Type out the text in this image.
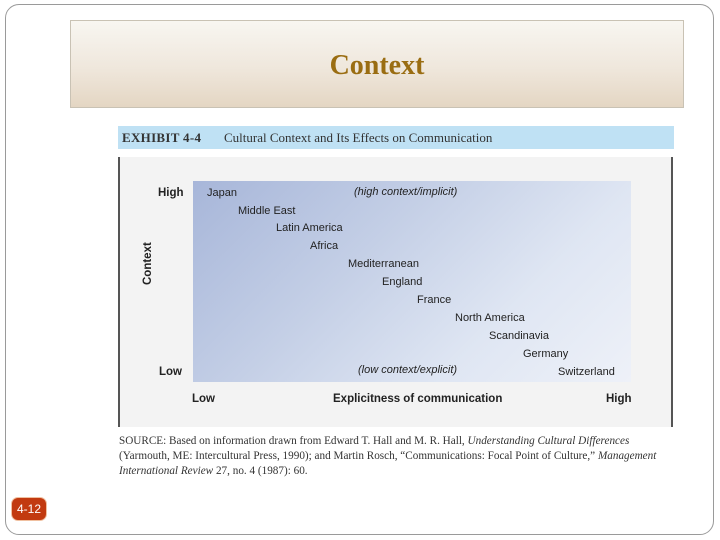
Context
EXHIBIT 4-4 Cultural Context and Its Effects on Communication
High
Low
Context
Low	Explicitness of communication	High
(high context/implicit)
(low context/explicit)
Japan
Middle East
Latin America
Africa
Mediterranean
England
France
North America
Scandinavia
Germany
Switzerland
SOURCE: Based on information drawn from Edward T. Hall and M. R. Hall, Understanding Cultural Differences (Yarmouth, ME: Intercultural Press, 1990); and Martin Rosch, “Communications: Focal Point of Culture,” Management International Review 27, no. 4 (1987): 60.
4-12
